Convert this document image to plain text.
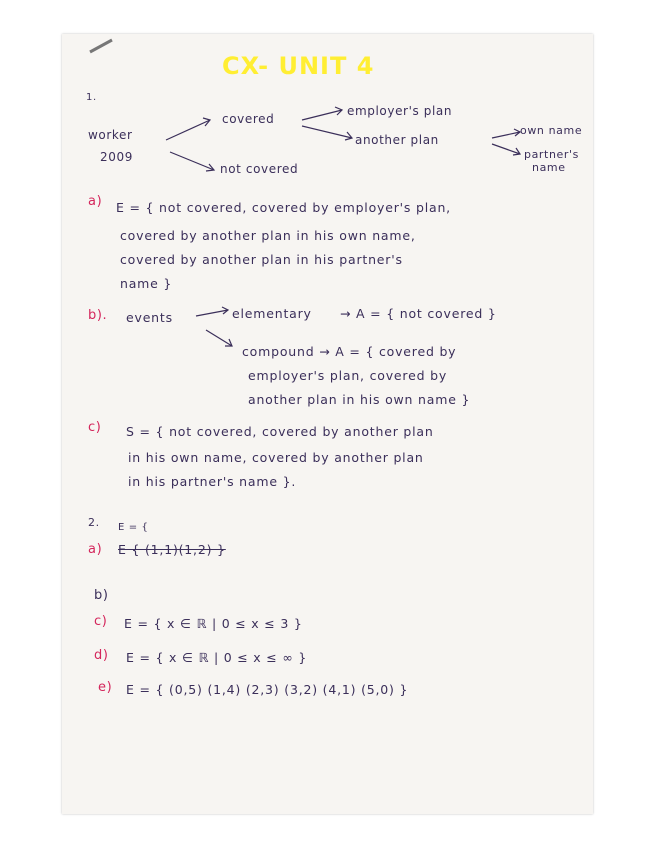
CX- UNIT 4
1.
worker
2009
covered
not covered
employer's plan
another plan
own name
partner's
name
a) E = { not covered, covered by employer's plan,
covered by another plan in his own name,
covered by another plan in his partner's
name }
b). events	elementary → A = { not covered }
compound → A = { covered by
employer's plan, covered by
another plan in his own name }
c) S = { not covered, covered by another plan
in his own name, covered by another plan
in his partner's name }.
2. E = {
a) E { (1,1)(1,2) }
b)
c) E = { x ∈ ℝ | 0 ≤ x ≤ 3 }
d) E = { x ∈ ℝ | 0 ≤ x ≤ ∞ }
e) E = { (0,5) (1,4) (2,3) (3,2) (4,1) (5,0) }
